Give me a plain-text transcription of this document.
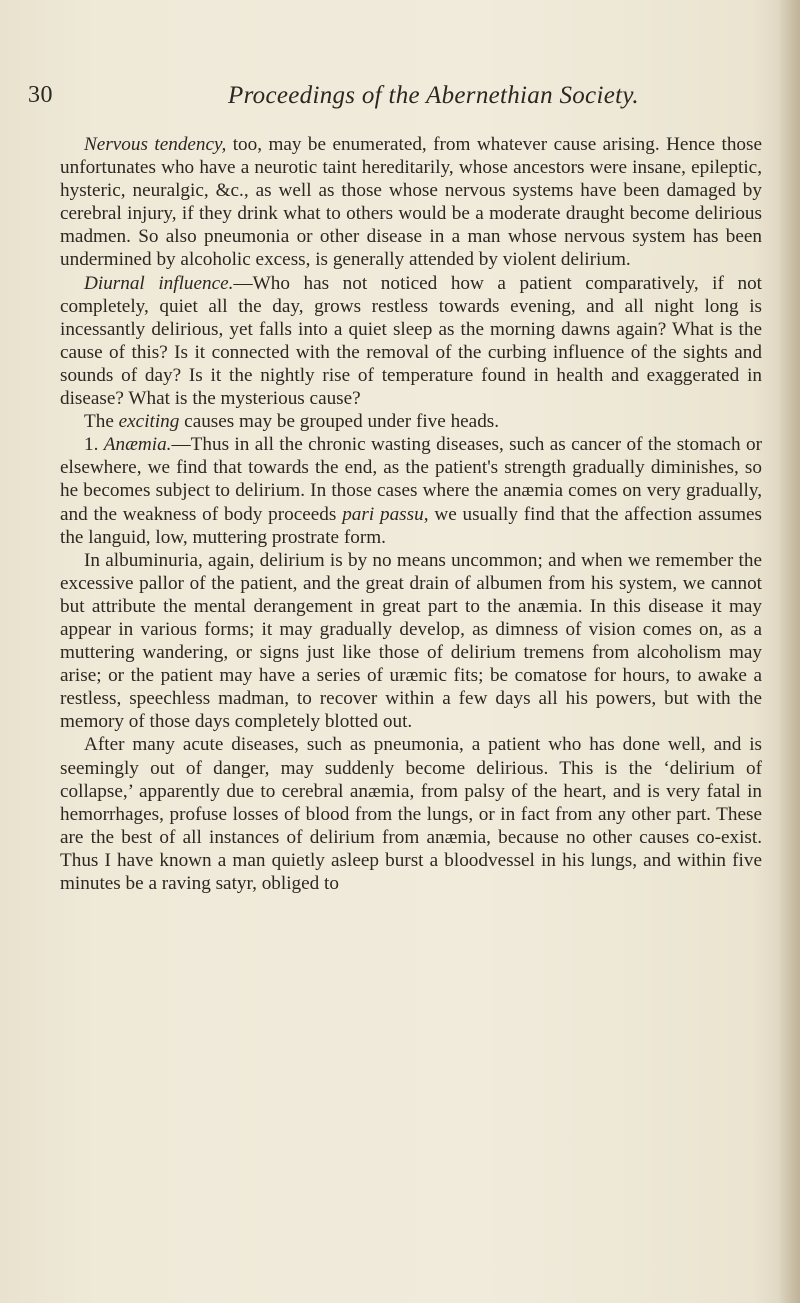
30	Proceedings of the Abernethian Society.

Nervous tendency, too, may be enumerated, from whatever cause arising. Hence those unfortunates who have a neurotic taint hereditarily, whose ancestors were insane, epileptic, hysteric, neuralgic, &c., as well as those whose nervous systems have been damaged by cerebral injury, if they drink what to others would be a moderate draught become delirious madmen. So also pneumonia or other disease in a man whose nervous system has been undermined by alcoholic excess, is generally attended by violent delirium.

Diurnal influence.—Who has not noticed how a patient comparatively, if not completely, quiet all the day, grows restless towards evening, and all night long is incessantly delirious, yet falls into a quiet sleep as the morning dawns again? What is the cause of this? Is it connected with the removal of the curbing influence of the sights and sounds of day? Is it the nightly rise of temperature found in health and exaggerated in disease? What is the mysterious cause?

The exciting causes may be grouped under five heads.

1. Anæmia.—Thus in all the chronic wasting diseases, such as cancer of the stomach or elsewhere, we find that towards the end, as the patient's strength gradually diminishes, so he becomes subject to delirium. In those cases where the anæmia comes on very gradually, and the weakness of body proceeds pari passu, we usually find that the affection assumes the languid, low, muttering prostrate form.

In albuminuria, again, delirium is by no means uncommon; and when we remember the excessive pallor of the patient, and the great drain of albumen from his system, we cannot but attribute the mental derangement in great part to the anæmia. In this disease it may appear in various forms; it may gradually develop, as dimness of vision comes on, as a muttering wandering, or signs just like those of delirium tremens from alcoholism may arise; or the patient may have a series of uræmic fits; be comatose for hours, to awake a restless, speechless madman, to recover within a few days all his powers, but with the memory of those days completely blotted out.

After many acute diseases, such as pneumonia, a patient who has done well, and is seemingly out of danger, may suddenly become delirious. This is the ‘delirium of collapse,’ apparently due to cerebral anæmia, from palsy of the heart, and is very fatal in hemorrhages, profuse losses of blood from the lungs, or in fact from any other part. These are the best of all instances of delirium from anæmia, because no other causes co-exist. Thus I have known a man quietly asleep burst a bloodvessel in his lungs, and within five minutes be a raving satyr, obliged to
